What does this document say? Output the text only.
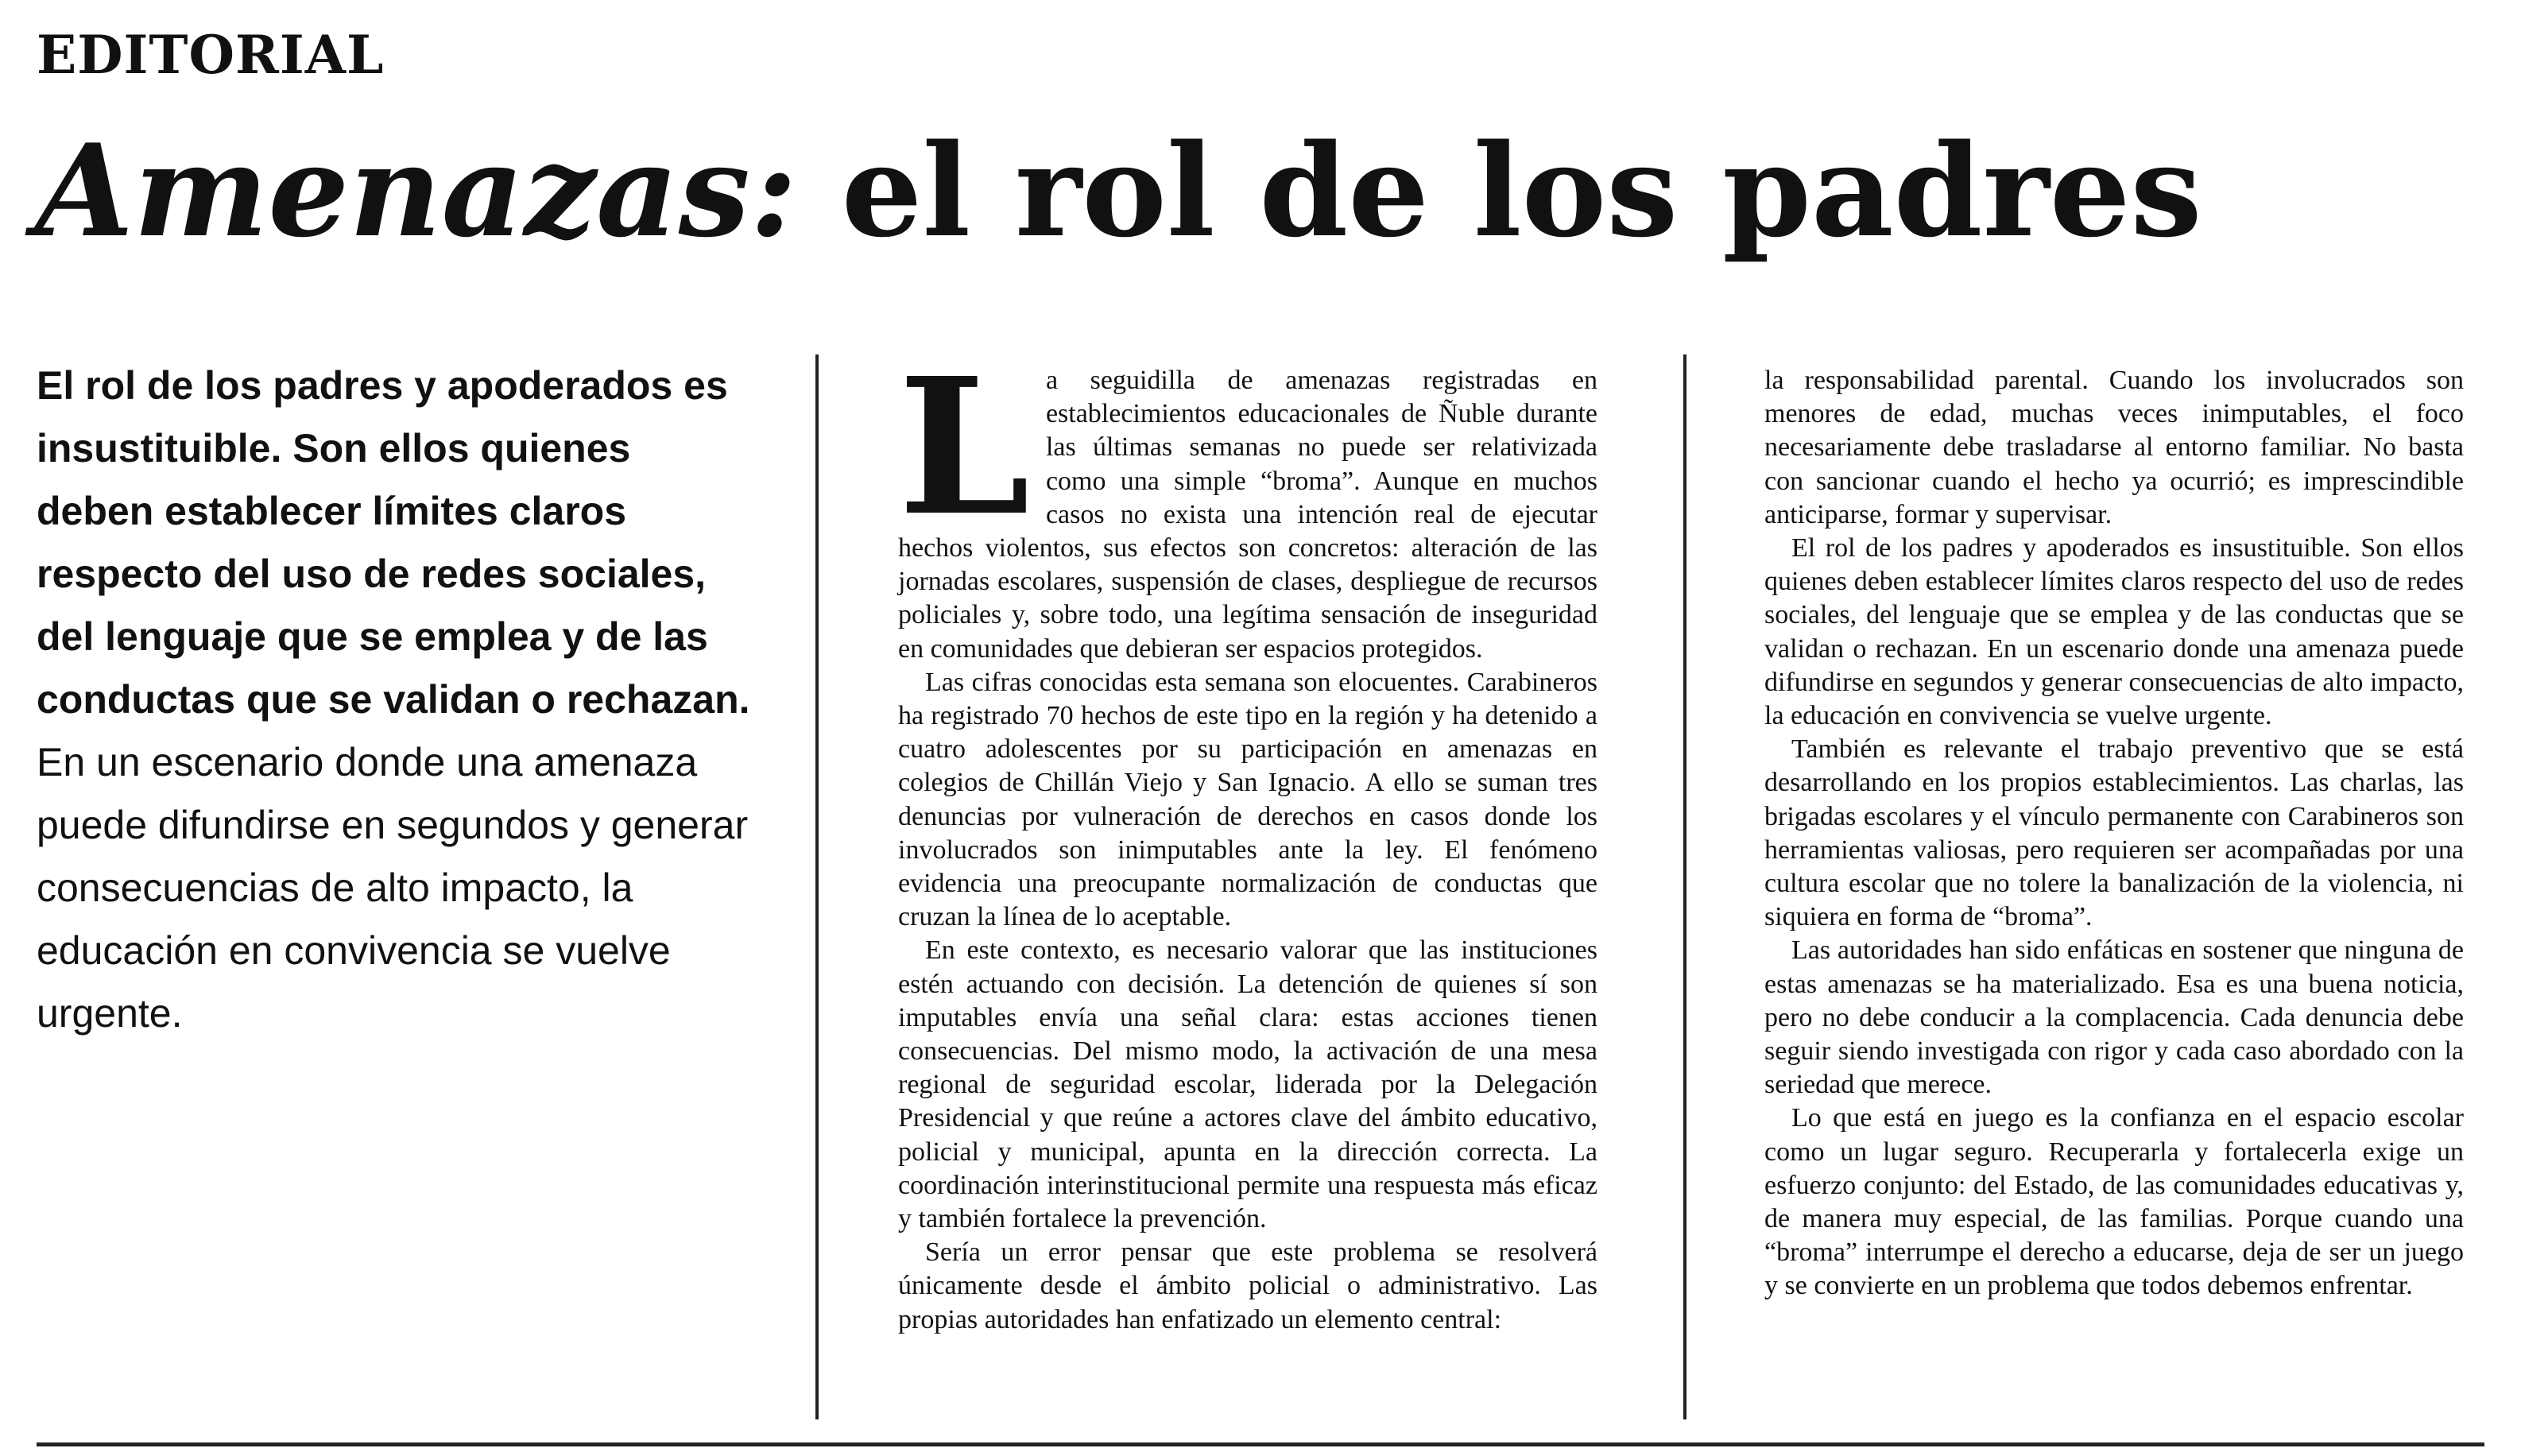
EDITORIAL
Amenazas: el rol de los padres
El rol de los padres y apoderados es insustituible. Son ellos quienes deben establecer límites claros respecto del uso de redes sociales, del lenguaje que se emplea y de las conductas que se validan o rechazan. En un escenario donde una amenaza puede difundirse en segundos y generar consecuencias de alto impacto, la educación en convivencia se vuelve urgente.
L a seguidilla de amenazas registradas en establecimientos educacionales de Ñuble durante las últimas semanas no puede ser relativizada como una simple “broma”. Aunque en muchos casos no exista una intención real de ejecutar hechos violentos, sus efectos son concretos: alteración de las jornadas escolares, suspensión de clases, despliegue de recursos policiales y, sobre todo, una legítima sensación de inseguridad en comunidades que debieran ser espacios protegidos.

Las cifras conocidas esta semana son elocuentes. Carabineros ha registrado 70 hechos de este tipo en la región y ha detenido a cuatro adolescentes por su participación en amenazas en colegios de Chillán Viejo y San Ignacio. A ello se suman tres denuncias por vulneración de derechos en casos donde los involucrados son inimputables ante la ley. El fenómeno evidencia una preocupante normalización de conductas que cruzan la línea de lo aceptable.

En este contexto, es necesario valorar que las instituciones estén actuando con decisión. La detención de quienes sí son imputables envía una señal clara: estas acciones tienen consecuencias. Del mismo modo, la activación de una mesa regional de seguridad escolar, liderada por la Delegación Presidencial y que reúne a actores clave del ámbito educativo, policial y municipal, apunta en la dirección correcta. La coordinación interinstitucional permite una respuesta más eficaz y también fortalece la prevención.

Sería un error pensar que este problema se resolverá únicamente desde el ámbito policial o administrativo. Las propias autoridades han enfatizado un elemento central:

la responsabilidad parental. Cuando los involucrados son menores de edad, muchas veces inimputables, el foco necesariamente debe trasladarse al entorno familiar. No basta con sancionar cuando el hecho ya ocurrió; es imprescindible anticiparse, formar y supervisar.

El rol de los padres y apoderados es insustituible. Son ellos quienes deben establecer límites claros respecto del uso de redes sociales, del lenguaje que se emplea y de las conductas que se validan o rechazan. En un escenario donde una amenaza puede difundirse en segundos y generar consecuencias de alto impacto, la educación en convivencia se vuelve urgente.

También es relevante el trabajo preventivo que se está desarrollando en los propios establecimientos. Las charlas, las brigadas escolares y el vínculo permanente con Carabineros son herramientas valiosas, pero requieren ser acompañadas por una cultura escolar que no tolere la banalización de la violencia, ni siquiera en forma de “broma”.

Las autoridades han sido enfáticas en sostener que ninguna de estas amenazas se ha materializado. Esa es una buena noticia, pero no debe conducir a la complacencia. Cada denuncia debe seguir siendo investigada con rigor y cada caso abordado con la seriedad que merece.

Lo que está en juego es la confianza en el espacio escolar como un lugar seguro. Recuperarla y fortalecerla exige un esfuerzo conjunto: del Estado, de las comunidades educativas y, de manera muy especial, de las familias. Porque cuando una “broma” interrumpe el derecho a educarse, deja de ser un juego y se convierte en un problema que todos debemos enfrentar.
